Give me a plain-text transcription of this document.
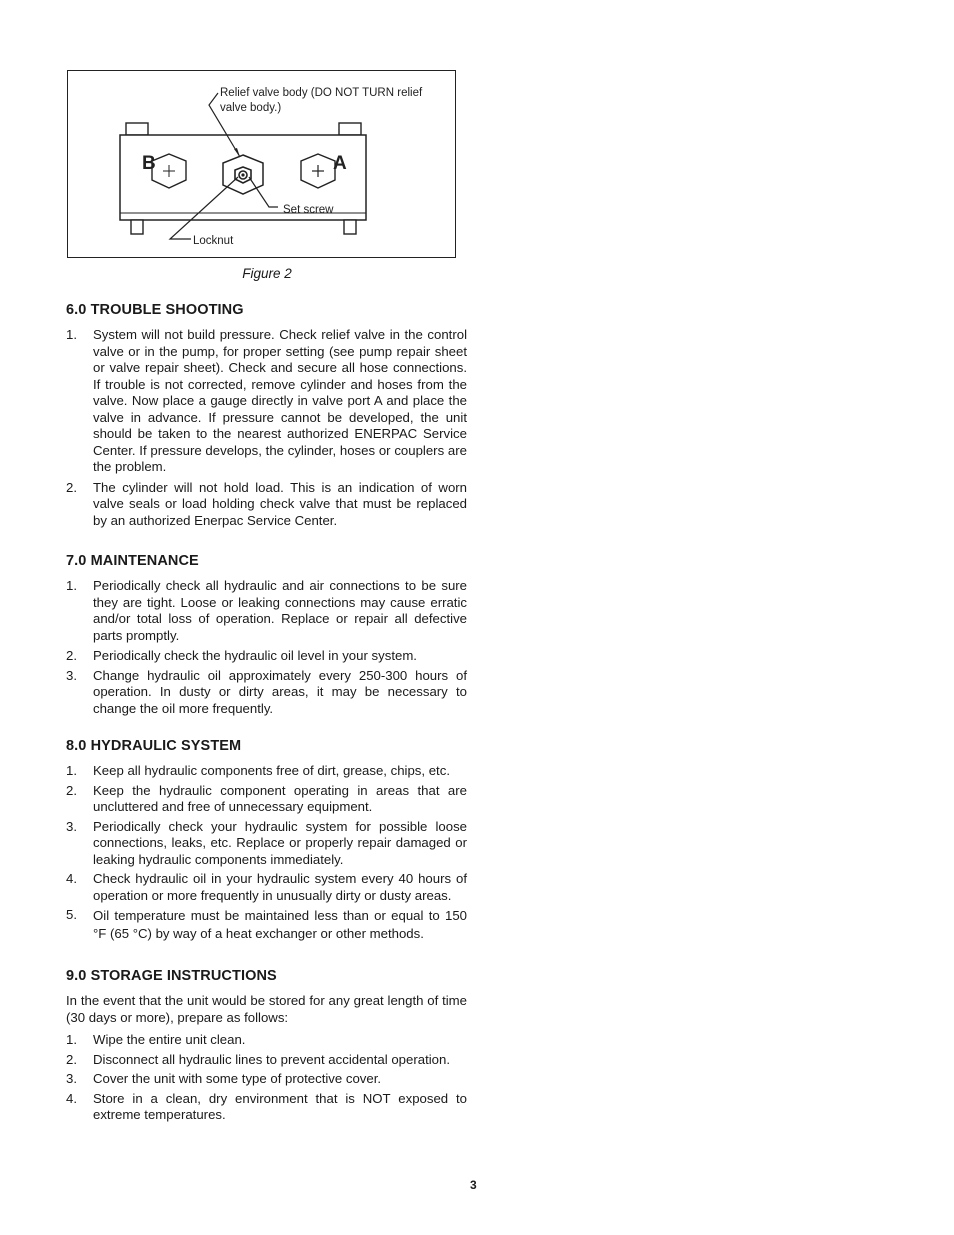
B	A
Relief valve body (DO NOT TURN relief valve body.)
Set screw
Locknut
Figure 2
6.0 TROUBLE SHOOTING
1.	System will not build pressure. Check relief valve in the control valve or in the pump, for proper setting (see pump repair sheet or valve repair sheet). Check and secure all hose connections. If trouble is not corrected, remove cylinder and hoses from the valve. Now place a gauge directly in valve port A and place the valve in advance. If pressure cannot be developed, the unit should be taken to the nearest authorized ENERPAC Service Center. If pressure develops, the cylinder, hoses or couplers are the problem.
2.	The cylinder will not hold load. This is an indication of worn valve seals or load holding check valve that must be replaced by an authorized Enerpac Service Center.
7.0 MAINTENANCE
1.	Periodically check all hydraulic and air connections to be sure they are tight. Loose or leaking connections may cause erratic and/or total loss of operation. Replace or repair all defective parts promptly.
2.	Periodically check the hydraulic oil level in your system.
3.	Change hydraulic oil approximately every 250-300 hours of operation. In dusty or dirty areas, it may be necessary to change the oil more frequently.
8.0 HYDRAULIC SYSTEM
1.	Keep all hydraulic components free of dirt, grease, chips, etc.
2.	Keep the hydraulic component operating in areas that are uncluttered and free of unnecessary equipment.
3.	Periodically check your hydraulic system for possible loose connections, leaks, etc. Replace or properly repair damaged or leaking hydraulic components immediately.
4.	Check hydraulic oil in your hydraulic system every 40 hours of operation or more frequently in unusually dirty or dusty areas.
5.	Oil temperature must be maintained less than or equal to 150 °F (65 °C) by way of a heat exchanger or other methods.
9.0 STORAGE INSTRUCTIONS

In the event that the unit would be stored for any great length of time (30 days or more), prepare as follows:

1.	Wipe the entire unit clean.
2.	Disconnect all hydraulic lines to prevent accidental operation.
3.	Cover the unit with some type of protective cover.
4.	Store in a clean, dry environment that is NOT exposed to extreme temperatures.
3
